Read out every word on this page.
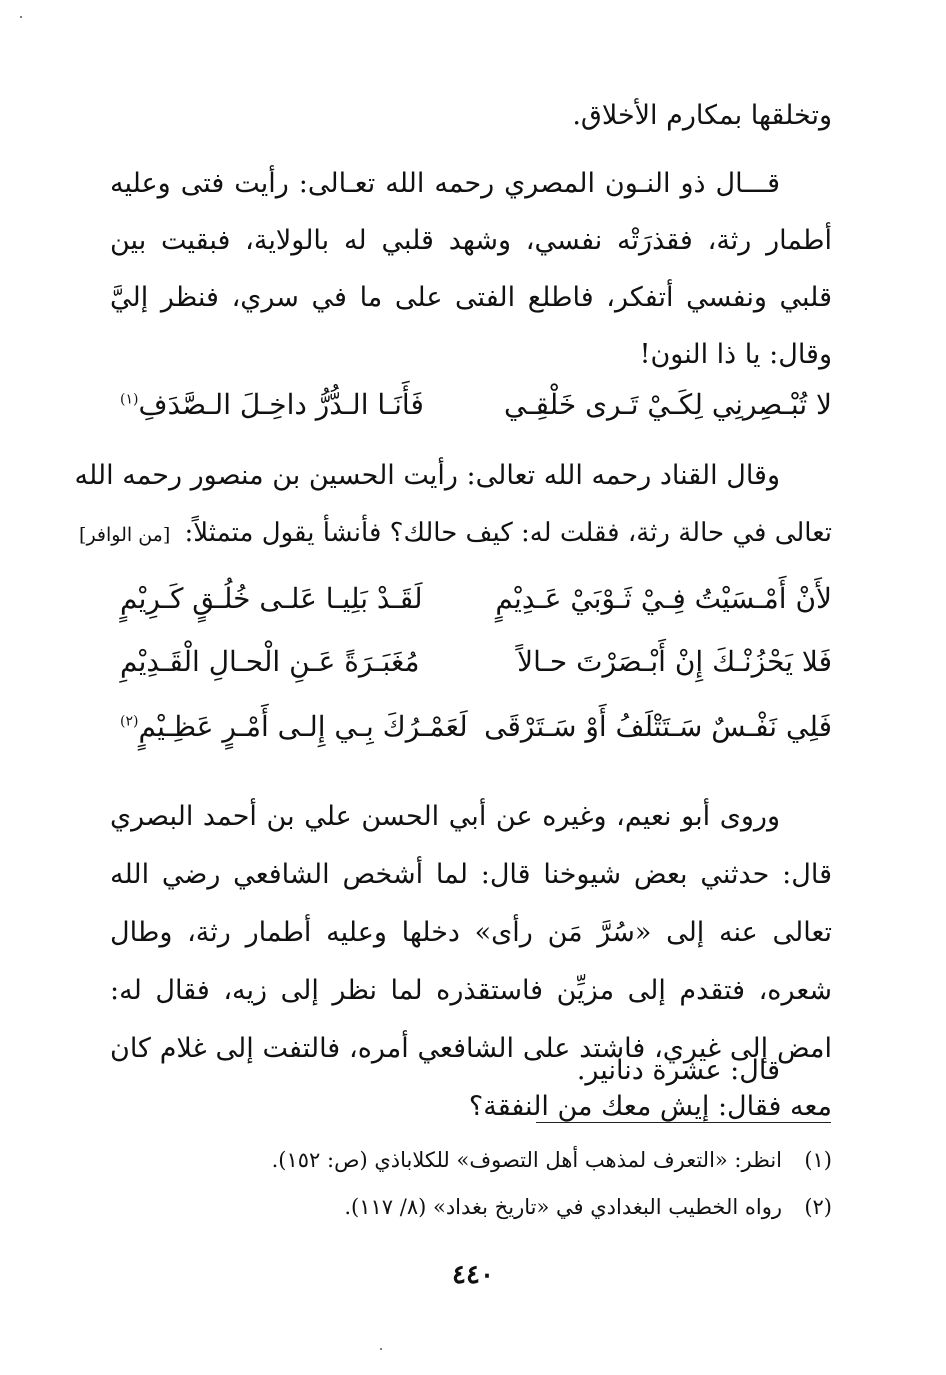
وتخلقها بمكارم الأخلاق.
قـــال ذو النـون المصري رحمه الله تعـالى: رأيت فتى وعليه أطمار رثة، فقذرَتْه نفسي، وشهد قلبي له بالولاية، فبقيت بين قلبي ونفسي أتفكر، فاطلع الفتى على ما في سري، فنظر إليَّ وقال: يا ذا النون!
لا تُبْـصِرنِي لِكَـيْ تَـرى خَلْقِـي
فَأَنَـا الـدُّرُّ داخِـلَ الـصَّدَفِ$^{(١)}$
وقال القناد رحمه الله تعالى: رأيت الحسين بن منصور رحمه الله
تعالى في حالة رثة، فقلت له: كيف حالك؟ فأنشأ يقول متمثلاً: [من الوافر]
لأَنْ أَمْـسَيْتُ فِـيْ ثَـوْبَيْ عَـدِيْمٍ
لَقَـدْ بَلِيـا عَلـى خُلُـقٍ كَـرِيْمٍ
فَلا يَحْزُنْـكَ إِنْ أَبْـصَرْتَ حـالاً
مُغَبَـرَةً عَـنِ الْحـالِ الْقَـدِيْمِ
فَلِي نَفْـسٌ سَـتَتْلَفُ أَوْ سَـتَرْقَى
لَعَمْـرُكَ بِـي إِلـى أَمْـرٍ عَظِـيْمٍ$^{(٢)}$
وروى أبو نعيم، وغيره عن أبي الحسن علي بن أحمد البصري قال: حدثني بعض شيوخنا قال: لما أشخص الشافعي رضي الله تعالى عنه إلى «سُرَّ مَن رأى» دخلها وعليه أطمار رثة، وطال شعره، فتقدم إلى مزيِّن فاستقذره لما نظر إلى زيه، فقال له: امض إلى غيري، فاشتد على الشافعي أمره، فالتفت إلى غلام كان معه فقال: إيش معك من النفقة؟
قال: عشرة دنانير.
(١)انظر: «التعرف لمذهب أهل التصوف» للكلاباذي (ص: ١٥٢).
(٢)رواه الخطيب البغدادي في «تاريخ بغداد» (٨/ ١١٧).
٤٤٠
